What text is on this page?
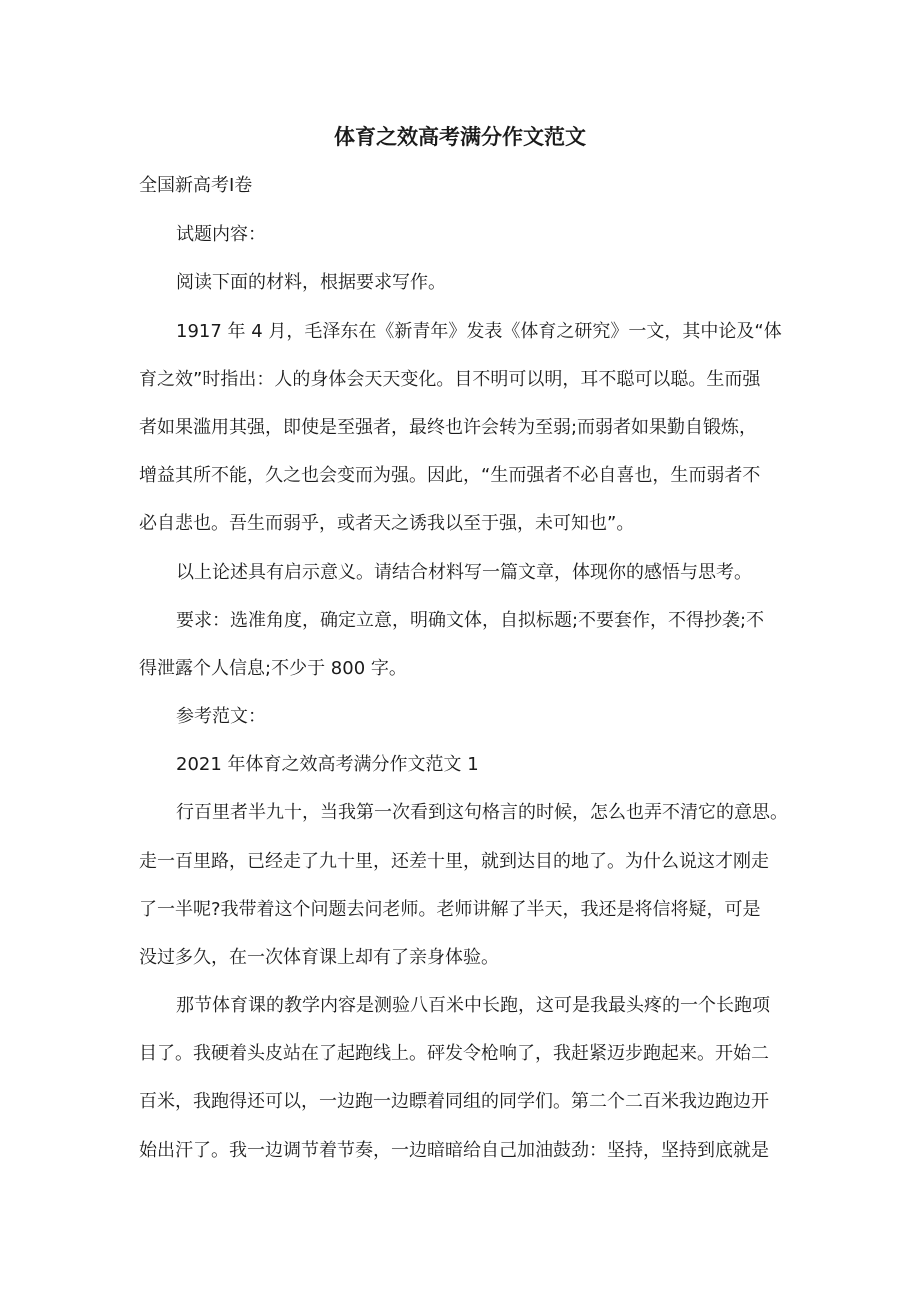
体育之效高考满分作文范文

全国新高考Ⅰ卷

试题内容：

阅读下面的材料，根据要求写作。

1917 年 4 月，毛泽东在《新青年》发表《体育之研究》一文，其中论及“体

育之效”时指出：人的身体会天天变化。目不明可以明，耳不聪可以聪。生而强

者如果滥用其强，即使是至强者，最终也许会转为至弱;而弱者如果勤自锻炼，

增益其所不能，久之也会变而为强。因此，“生而强者不必自喜也，生而弱者不

必自悲也。吾生而弱乎，或者天之诱我以至于强，未可知也”。

以上论述具有启示意义。请结合材料写一篇文章，体现你的感悟与思考。

要求：选准角度，确定立意，明确文体，自拟标题;不要套作，不得抄袭;不

得泄露个人信息;不少于 800 字。

参考范文：

2021 年体育之效高考满分作文范文 1

行百里者半九十，当我第一次看到这句格言的时候，怎么也弄不清它的意思。

走一百里路，已经走了九十里，还差十里，就到达目的地了。为什么说这才刚走

了一半呢?我带着这个问题去问老师。老师讲解了半天，我还是将信将疑，可是

没过多久，在一次体育课上却有了亲身体验。

那节体育课的教学内容是测验八百米中长跑，这可是我最头疼的一个长跑项

目了。我硬着头皮站在了起跑线上。砰发令枪响了，我赶紧迈步跑起来。开始二

百米，我跑得还可以，一边跑一边瞟着同组的同学们。第二个二百米我边跑边开

始出汗了。我一边调节着节奏，一边暗暗给自己加油鼓劲：坚持，坚持到底就是
